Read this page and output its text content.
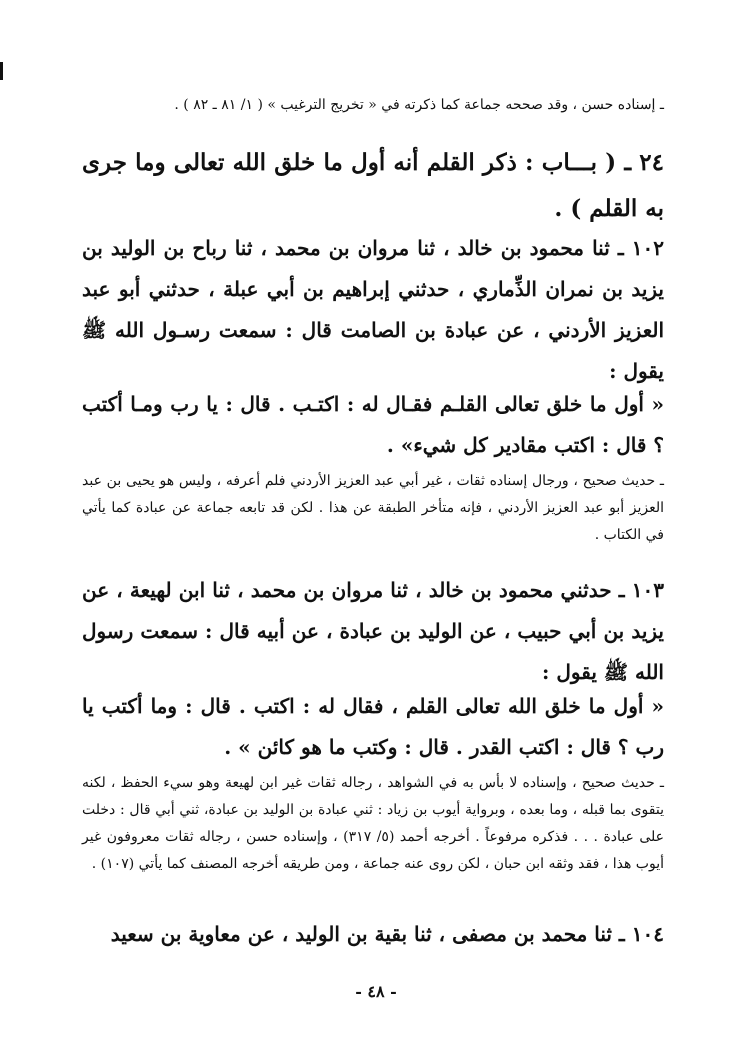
ـ إسناده حسن ، وقد صححه جماعة كما ذكرته في « تخريج الترغيب » ( ١/ ٨١ ـ ٨٢ ) .

٢٤ ـ ( بـــاب : ذكر القلم أنه أول ما خلق الله تعالى وما جرى به القلم ) .

١٠٢ ـ ثنا محمود بن خالد ، ثنا مروان بن محمد ، ثنا رباح بن الوليد بن يزيد بن نمران الذِّماري ، حدثني إبراهيم بن أبي عبلة ، حدثني أبو عبد العزيز الأردني ، عن عبادة بن الصامت قال : سمعت رسـول الله ﷺ يقول :

« أول ما خلق تعالى القلـم فقـال له : اكتـب . قال : يا رب ومـا أكتب ؟ قال : اكتب مقادير كل شيء» .

ـ حديث صحيح ، ورجال إسناده ثقات ، غير أبي عبد العزيز الأردني فلم أعرفه ، وليس هو يحيى بن عبد العزيز أبو عبد العزيز الأردني ، فإنه متأخر الطبقة عن هذا . لكن قد تابعه جماعة عن عبادة كما يأتي في الكتاب .

١٠٣ ـ حدثني محمود بن خالد ، ثنا مروان بن محمد ، ثنا ابن لهيعة ، عن يزيد بن أبي حبيب ، عن الوليد بن عبادة ، عن أبيه قال : سمعت رسول الله ﷺ يقول :

« أول ما خلق الله تعالى القلم ، فقال له : اكتب . قال : وما أكتب يا رب ؟ قال : اكتب القدر . قال : وكتب ما هو كائن » .

ـ حديث صحيح ، وإسناده لا بأس به في الشواهد ، رجاله ثقات غير ابن لهيعة وهو سيء الحفظ ، لكنه يتقوى بما قبله ، وما بعده ، وبرواية أيوب بن زياد : ثني عبادة بن الوليد بن عبادة، ثني أبي قال : دخلت على عبادة . . . فذكره مرفوعاً . أخرجه أحمد (٥/ ٣١٧) ، وإسناده حسن ، رجاله ثقات معروفون غير أيوب هذا ، فقد وثقه ابن حبان ، لكن روى عنه جماعة ، ومن طريقه أخرجه المصنف كما يأتي (١٠٧) .

١٠٤ ـ ثنا محمد بن مصفى ، ثنا بقية بن الوليد ، عن معاوية بن سعيد

- ٤٨ -
